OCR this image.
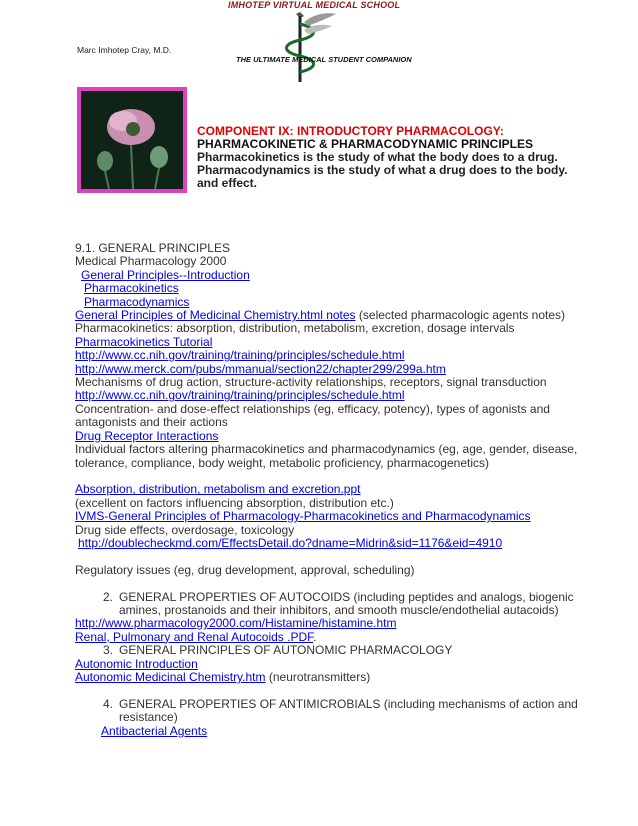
IMHOTEP VIRTUAL MEDICAL SCHOOL
Marc Imhotep Cray, M.D.
THE ULTIMATE MEDICAL STUDENT COMPANION
COMPONENT IX: INTRODUCTORY PHARMACOLOGY:
PHARMACOKINETIC & PHARMACODYNAMIC PRINCIPLES
Pharmacokinetics is the study of what the body does to a drug.
Pharmacodynamics is the study of what a drug does to the body.
and effect.
9.1. GENERAL PRINCIPLES
Medical Pharmacology 2000
General Principles--Introduction
Pharmacokinetics
Pharmacodynamics
General Principles of Medicinal Chemistry.html notes (selected pharmacologic agents notes)
Pharmacokinetics: absorption, distribution, metabolism, excretion, dosage intervals
Pharmacokinetics Tutorial
http://www.cc.nih.gov/training/training/principles/schedule.html
http://www.merck.com/pubs/mmanual/section22/chapter299/299a.htm
Mechanisms of drug action, structure-activity relationships, receptors, signal transduction
http://www.cc.nih.gov/training/training/principles/schedule.html
Concentration- and dose-effect relationships (eg, efficacy, potency), types of agonists and antagonists and their actions
Drug Receptor Interactions
Individual factors altering pharmacokinetics and pharmacodynamics (eg, age, gender, disease, tolerance, compliance, body weight, metabolic proficiency, pharmacogenetics)
Absorption, distribution, metabolism and excretion.ppt
(excellent on factors influencing absorption, distribution etc.)
IVMS-General Principles of Pharmacology-Pharmacokinetics and Pharmacodynamics
Drug side effects, overdosage, toxicology
http://doublecheckmd.com/EffectsDetail.do?dname=Midrin&sid=1176&eid=4910
Regulatory issues (eg, drug development, approval, scheduling)
2. GENERAL PROPERTIES OF AUTOCOIDS (including peptides and analogs, biogenic amines, prostanoids and their inhibitors, and smooth muscle/endothelial autacoids)
http://www.pharmacology2000.com/Histamine/histamine.htm
Renal, Pulmonary and Renal Autocoids .PDF.
3. GENERAL PRINCIPLES OF AUTONOMIC PHARMACOLOGY
Autonomic Introduction
Autonomic Medicinal Chemistry.htm (neurotransmitters)
4. GENERAL PROPERTIES OF ANTIMICROBIALS (including mechanisms of action and resistance)
Antibacterial Agents
